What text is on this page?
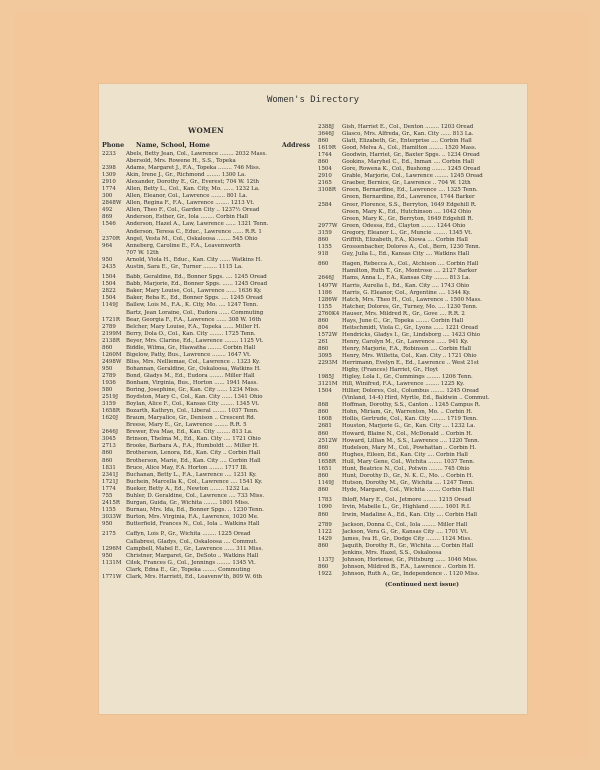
Women's Directory
WOMEN
Phone	Name, School, Home	Address
2233	Abels, Betty Jean, Col., Lawrence ........ 2032 Mass.
Abersold, Mrs. Rowene H., S.S., Topeka
2398	Adams, Margaret J., F.A., Topeka ........ 746 Miss.
1309	Akin, Irene J., Gr., Richmond ........ 1300 La.
2910	Alexander, Dorothy E., Gr., Everest; 704 W. 12th
1774	Allen, Betty L., Col., Kan. City, Mo. ...... 1232 La.
300	Allen, Eleanor, Col., Lawrence ........ 801 La.
2848W Allen, Regina F., F.A., Lawrence ........ 1213 Vt.
492	Allen, Theo F., Col., Garden City .. 1237½ Oread
869	Anderson, Esther, Gr., Iola ........ Corbin Hall
1546	Anderson, Hazel A., Law, Lawrence ...... 1321 Tenn.
Anderson, Teresa C., Educ., Lawrence ...... R.R. 1
2370R	Angel, Vesta M., Col., Oskaloosa ........ 545 Ohio
964	Anneberg, Caroline E., F.A., Leavenworth
707 W. 12th
950	Arnold, Viola H., Educ., Kan. City ...... Watkins H.
2435	Austin, Sara E., Gr., Turner ........ 1115 La.
1504	Babb, Geraldine, Ed., Bonner Spgs. .... 1245 Oread
1504	Babb, Marjorie, Ed., Bonner Spgs. ...... 1245 Oread
2822	Baker, Mary Louise, Col., Lawrence ...... 1636 Ky.
1504	Baker, Reba E., Ed., Bonner Spgs. .... 1245 Oread
1149J	Ballew, Lois M., F.A., K. City, Mo. .... 1247 Tenn.
Bartz, Jean Loraine, Col., Eudora ...... Commuting
1721R	Bear, Georgia F., F.A., Lawrence ...... 308 W. 16th
2789	Belcher, Mary Louise, F.A., Topeka ...... Miller H.
2199M Berry, Dola O., Col., Kan. City ........ 1725 Tenn.
2138R	Beyer, Mrs. Clarine, Ed., Lawrence ........ 1125 Vt.
860	Biddle, Wilma, Gr., Hiawatha ........ Corbin Hall
1260M Bigelow, Patty, Bus., Lawrence ........ 1647 Vt.
2498W Bliss, Mrs. Nelliemae, Col., Lawrence .. 1323 Ky.
950	Bohannan, Geraldine, Gr., Oskaloosa, Watkins H.
2789	Bond, Gladys M., Ed., Eudora ........ Miller Hall
1936	Bonham, Virginia, Bus., Horton ...... 1941 Mass.
580	Boring, Josephine, Gr., Kan. City ...... 1234 Miss.
2519J	Boydston, Mary C., Col., Kan. City ...... 1341 Ohio
3159	Boylan, Alice F., Col., Kansas City ........ 1345 Vt.
1658R	Bozarth, Kathryn, Col., Liberal ........ 1037 Tenn.
1620J	Braum, Maryalice, Gr., Denison .. Crescent Rd.
Breese, Mary E., Gr., Lawrence ........ R.R. 5
2646J	Brewer, Eva Mae, Ed., Kan. City ........ 813 La.
3045	Brinson, Thelma M., Ed., Kan. City .... 1721 Ohio
2713	Brooke, Barbara A., F.A., Humboldt .... Miller H.
860	Brotherson, Lenora, Ed., Kan. City .. Corbin Hall
860	Brotherson, Marie, Ed., Kan. City .... Corbin Hall
1831	Bruce, Alice May, F.A. Horton ........ 1717 Ill.
2341J	Buchanan, Betty L., F.A., Lawrence .... 1231 Ky.
1721J	Buchein, Marcella K., Col., Lawrence .... 1541 Ky.
1774	Bueker, Betty A., Ed., Newton ........ 1232 La.
755	Buhler, D. Geraldine, Col., Lawrence .... 733 Miss.
2415R	Burgan, Guida, Gr., Wichita ........ 1801 Miss.
1155	Burnau, Mrs. Ida, Ed., Bonner Spgs. .. 1230 Tenn.
3033W Burton, Mrs. Virginia, F.A., Lawrence, 1020 Me.
950	Butterfield, Frances N., Col., Iola .. Watkins Hall
2175	Caffyn, Lois P., Gr., Wichita ........ 1225 Oread
Callabresi, Gladys, Col., Oskaloosa .... Commut.
1296M Campbell, Mabel E., Gr., Lawrence ...... 311 Miss.
950	Christner, Margaret, Gr., DeSoto .. Watkins Hall
1131M Cilek, Frances G., Col., Jennings ........ 1345 Vt.
Clark, Edna E., Gr., Topeka ........ Commuting
1771W Clark, Mrs. Harriett, Ed., Leavenw'th, 809 W. 6th
2388J	Gish, Harriet E., Col., Denton ........ 1203 Oread
3646J	Glasco, Mrs. Alfreda, Gr., Kan. City ...... 813 La.
860	Glatt, Elizabeth, Gr., Enterprise .... Corbin Hall
1619R	Good, Melva A., Col., Hamilton ........ 1520 Mass.
1744	Goodwin, Harriet, Gr., Baxter Spgs. .. 1234 Oread
860	Gookins, Maryhel C., Ed., Inman .... Corbin Hall
1504	Gore, Rowena K., Col., Bushong ........ 1245 Oread
2910	Grable, Marjorie, Col., Lawrence ........ 1245 Oread
2165	Graeber, Bernice, Gr., Lawrence .. 704 W. 12th
3108R	Green, Bernardine, Ed., Lawrence .... 1325 Tenn.
Green, Bernardine, Ed., Lawrence, 1744 Barker
2584	Greer, Florence, S.S., Berryton, 1649 Edgehill R.
Green, Mary K., Ed., Hutchinson .... 1042 Ohio
Green, Mary K., Gr., Berryton, 1649 Edgehill R.
2977W Green, Odessa, Ed., Clayton ........ 1244 Ohio
3159	Gregory, Eleanor L., Gr., Muncie ........ 1345 Vt.
860	Griffith, Elizabeth, F.A., Kiowa .... Corbin Hall
1155	Grossenbacher, Dolores A., Col., Bern, 1230 Tenn.
918	Guy, Julia L., Ed., Kansas City .... Watkins Hall
860	Hagen, Rebecca A., Col., Atchison .... Corbin Hall
Hamilton, Ruth T., Gr., Montrose .... 2127 Barker
2646J	Hams, Anna L., F.A., Kansas City ........ 813 La.
1497W Harris, Aurelia I., Ed., Kan. City .... 1743 Ohio
1186	Harris, G. Eleanor, Col., Argentine .... 1344 Ky.
1286W Hatch, Mrs. Theo H., Col., Lawrence .. 1500 Mass.
1155	Hatcher, Dolores, Gr., Turney, Mo. .... 1230 Tenn.
2760K4 Hauser, Mrs. Mildred R., Gr., Gove .... R.R. 2
860	Hays, June C., Gr., Topeka ........ Corbin Hall
804	Heitschmidt, Viola C., Gr., Lyons ...... 1221 Oread
1572W Hendricks, Gladys I., Gr., Lindsborg .... 1423 Ohio
261	Henry, Carolyn M., Gr., Lawrence ...... 941 Ky.
860	Henry, Marjorie, F.A., Robinson .... Corbin Hall
3095	Henry, Mrs. Willetta, Col., Kan. City .. 1721 Ohio
2293M Herrimann, Evelyn E., Ed., Lawrence .. West 21st
Higby, (Frances) Harriet, Gr., Hoyt
1985J	Higley, Lola I., Gr., Cummings ........ 1206 Tenn.
3121M Hill, Winifred, F.A., Lawrence ........ 1225 Ky.
1504	Hillier, Dolores, Col., Columbus ........ 1245 Oread
(Vinland, 14-4) Hird, Myrtle, Ed., Baldwin .. Commut.
868	Hoffman, Dorothy, S.S., Canton .. 1245 Campus R.
860	Hohn, Miriam, Gr., Warrenton, Mo. .. Corbin H.
1608	Hollis, Gertrude, Col., Kan. City ........ 1719 Tenn.
2681	Houston, Marjorie G., Gr., Kan. City .... 1232 La.
860	Howard, Blaine N., Col., McDonald .. Corbin H.
2512W Howard, Lillian M., S.S., Lawrence .... 1220 Tenn.
860	Hudelson, Mary M., Col., Powhattan .. Corbin H.
860	Hughes, Eileen, Ed., Kan. City .... Corbin Hall
1658R	Hull, Mary Gene, Col., Wichita ........ 1037 Tenn.
1651	Hunt, Beatrice N., Col., Potwin ........ 745 Ohio
860	Hunt, Dorothy D., Gr., N. K. C., Mo. .. Corbin H.
1149J	Hutson, Dorothy M., Gr., Wichita .... 1247 Tenn.
860	Hyde, Margaret, Col., Wichita ........ Corbin Hall
1783	Ihloff, Mary E., Col., Jetmore ........ 1215 Oread
1090	Irvin, Mabelle L., Gr., Highland ........ 1601 R.I.
860	Irwin, Madaline A., Ed., Kan. City .... Corbin Hall
2789	Jackson, Donna C., Col., Iola ........ Miller Hall
1122	Jackson, Vera G., Gr., Kansas City .... 1701 Vt.
1429	James, Iva H., Gr., Dodge City ........ 1124 Miss.
860	Jaquith, Dorothy R., Gr., Wichita .... Corbin Hall
Jenkins, Mrs. Hazel, S.S., Oskaloosa
1137J	Johnson, Hortense, Gr., Pittsburg ...... 1046 Miss.
860	Johnson, Mildred B., F.A., Lawrence .. Corbin H.
1922	Johnson, Ruth A., Gr., Independence .. 1120 Miss.
(Continued next issue)
